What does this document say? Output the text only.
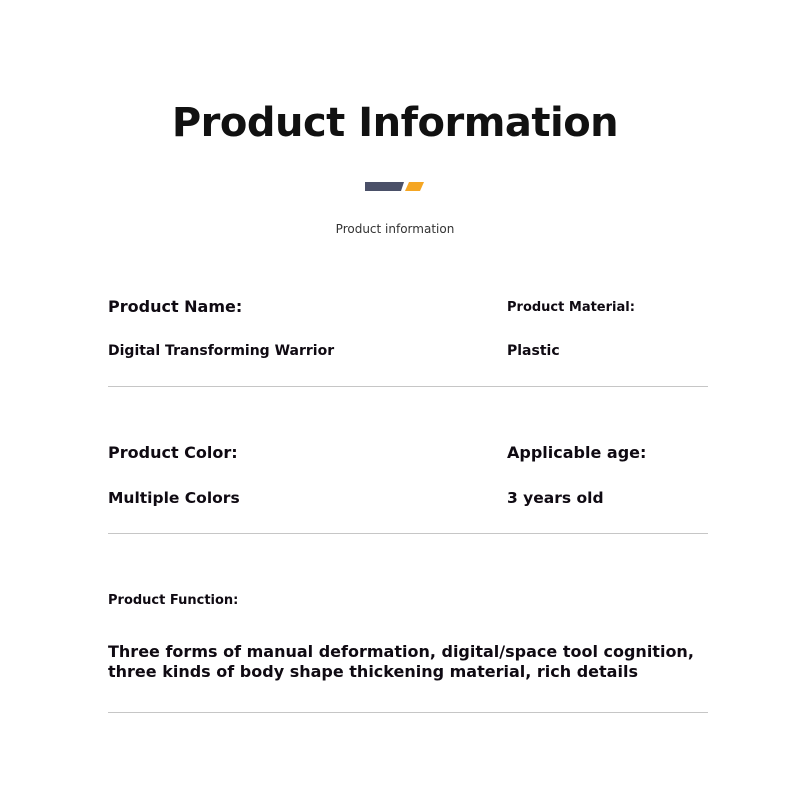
Product Information
Product information
Product Name:	Product Material:
Digital Transforming Warrior	Plastic
Product Color:	Applicable age:
Multiple Colors	3 years old
Product Function:
Three forms of manual deformation, digital/space tool cognition,
three kinds of body shape thickening material, rich details
